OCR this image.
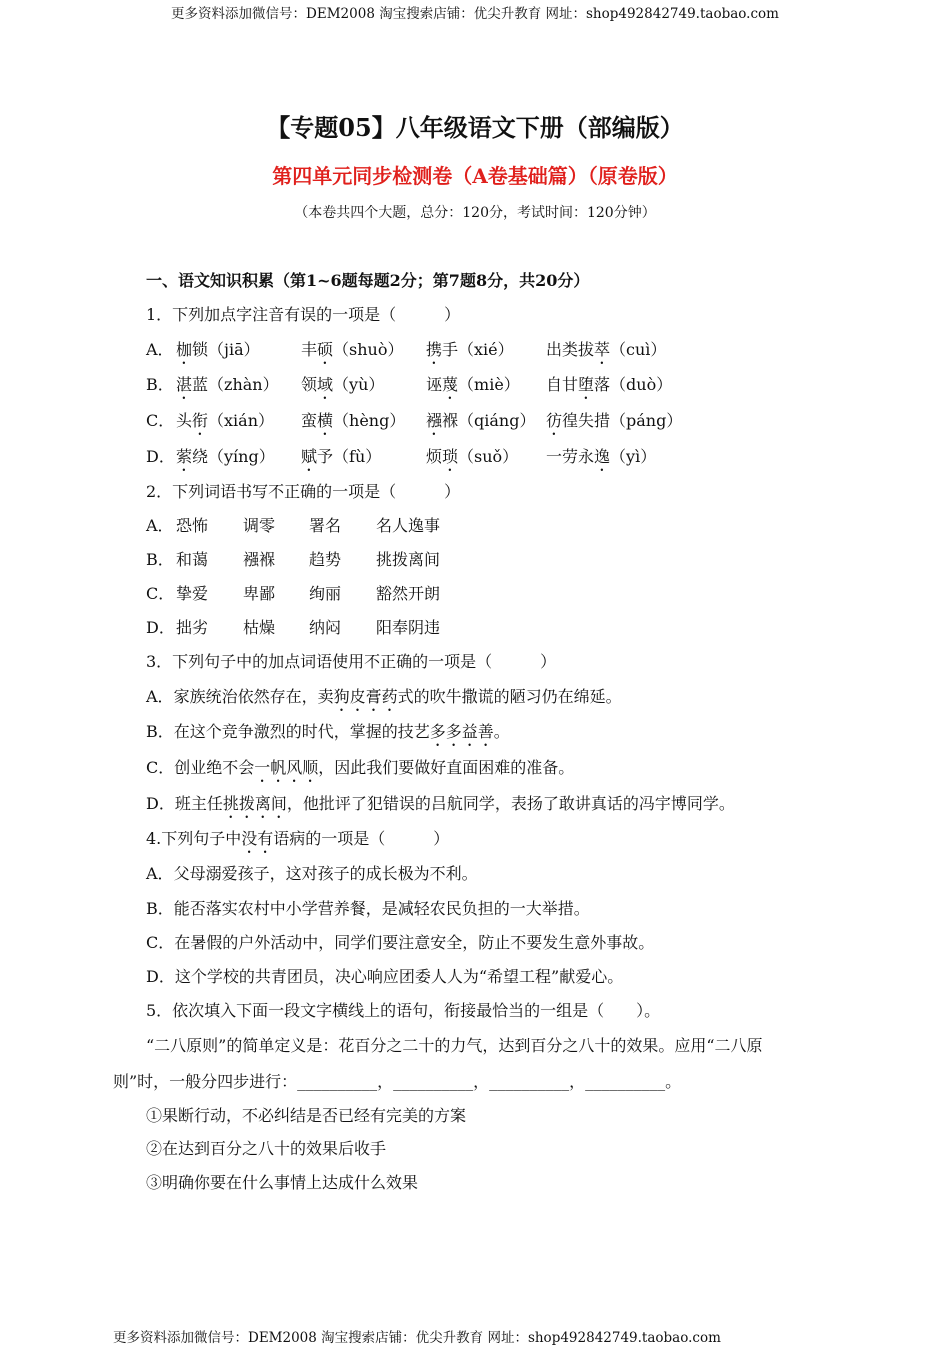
更多资料添加微信号：DEM2008 淘宝搜索店铺：优尖升教育 网址：shop492842749.taobao.com
【专题05】八年级语文下册（部编版）
第四单元同步检测卷（A卷基础篇）（原卷版）
（本卷共四个大题，总分：120分，考试时间：120分钟）
一、语文知识积累（第1~6题每题2分；第7题8分，共20分）
1．下列加点字注音有误的一项是（　　　）
A． 枷锁（jiā）	丰硕（shuò） 携手（xié） 出类拔萃（cuì）
B． 湛蓝（zhàn） 领域（yù）	诬蔑（miè） 自甘堕落（duò）
C． 头衔（xián） 蛮横（hèng） 襁褓（qiáng） 彷徨失措（páng）
D． 萦绕（yíng） 赋予（fù）	烦琐（suǒ） 一劳永逸（yì）
2．下列词语书写不正确的一项是（　　　）
A． 恐怖 调零 署名 名人逸事
B． 和蔼 襁褓 趋势 挑拨离间
C． 挚爱 卑鄙 绚丽 豁然开朗
D． 拙劣 枯燥 纳闷 阳奉阴违
3．下列句子中的加点词语使用不正确的一项是（　　　）
A．家族统治依然存在，卖狗皮膏药式的吹牛撒谎的陋习仍在绵延。
B．在这个竞争激烈的时代，掌握的技艺多多益善。
C．创业绝不会一帆风顺，因此我们要做好直面困难的准备。
D．班主任挑拨离间，他批评了犯错误的吕航同学，表扬了敢讲真话的冯宇博同学。
4.下列句子中没有语病的一项是（　　　）
A．父母溺爱孩子，这对孩子的成长极为不利。
B．能否落实农村中小学营养餐，是减轻农民负担的一大举措。
C．在暑假的户外活动中，同学们要注意安全，防止不要发生意外事故。
D．这个学校的共青团员，决心响应团委人人为“希望工程”献爱心。
5．依次填入下面一段文字横线上的语句，衔接最恰当的一组是（　　）。
“二八原则”的简单定义是：花百分之二十的力气，达到百分之八十的效果。应用“二八原
则”时，一般分四步进行：__________，__________，__________，__________。
①果断行动，不必纠结是否已经有完美的方案
②在达到百分之八十的效果后收手
③明确你要在什么事情上达成什么效果
更多资料添加微信号：DEM2008 淘宝搜索店铺：优尖升教育 网址：shop492842749.taobao.com
